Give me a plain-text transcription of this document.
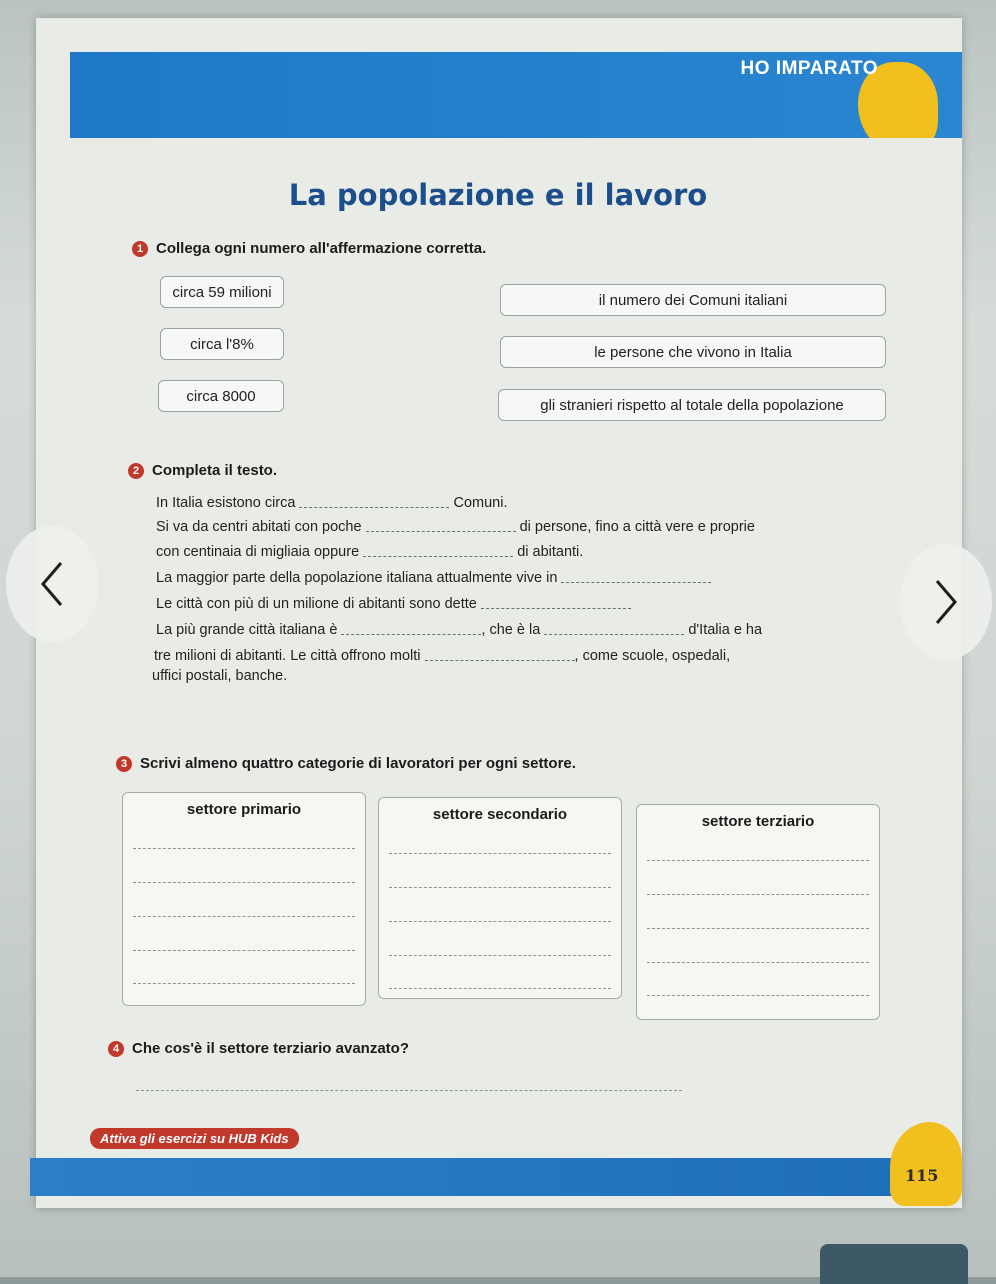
HO IMPARATO
La popolazione e il lavoro
1 Collega ogni numero all'affermazione corretta.
circa 59 milioni
circa l'8%
circa 8000
il numero dei Comuni italiani
le persone che vivono in Italia
gli stranieri rispetto al totale della popolazione
2 Completa il testo.
In Italia esistono circa	Comuni.
Si va da centri abitati con poche	di persone, fino a città vere e proprie
con centinaia di migliaia oppure	di abitanti.
La maggior parte della popolazione italiana attualmente vive in
Le città con più di un milione di abitanti sono dette
La più grande città italiana è	, che è la	d'Italia e ha
tre milioni di abitanti. Le città offrono molti	, come scuole, ospedali,
uffici postali, banche.
3 Scrivi almeno quattro categorie di lavoratori per ogni settore.
settore primario	settore secondario	settore terziario
4 Che cos'è il settore terziario avanzato?
Attiva gli esercizi su HUB Kids
115
